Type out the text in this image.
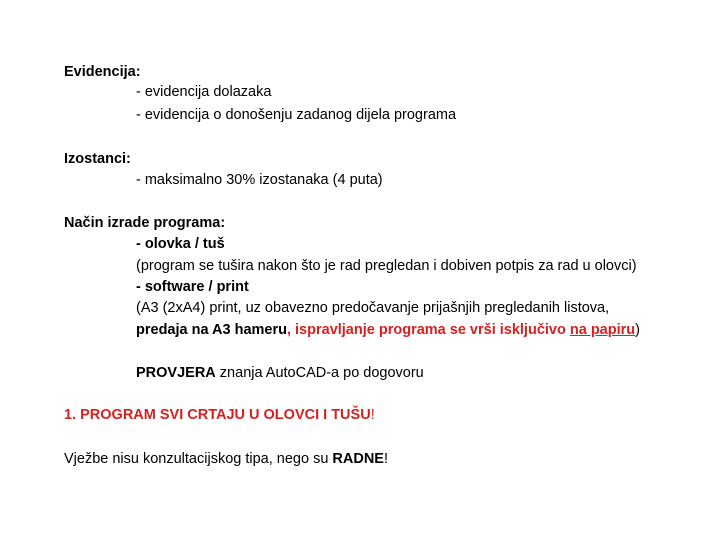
Evidencija:
- evidencija dolazaka
- evidencija o donošenju zadanog dijela programa
Izostanci:
- maksimalno 30% izostanaka (4 puta)
Način izrade programa:
- olovka / tuš
(program se tušira nakon što je rad pregledan i dobiven potpis za rad u olovci)
- software / print
(A3 (2xA4) print, uz obavezno predočavanje prijašnjih pregledanih listova,
predaja na A3 hameru, ispravljanje programa se vrši isključivo na papiru)
PROVJERA znanja AutoCAD-a po dogovoru
1. PROGRAM SVI CRTAJU U OLOVCI I TUŠU!
Vježbe nisu konzultacijskog tipa, nego su RADNE!
